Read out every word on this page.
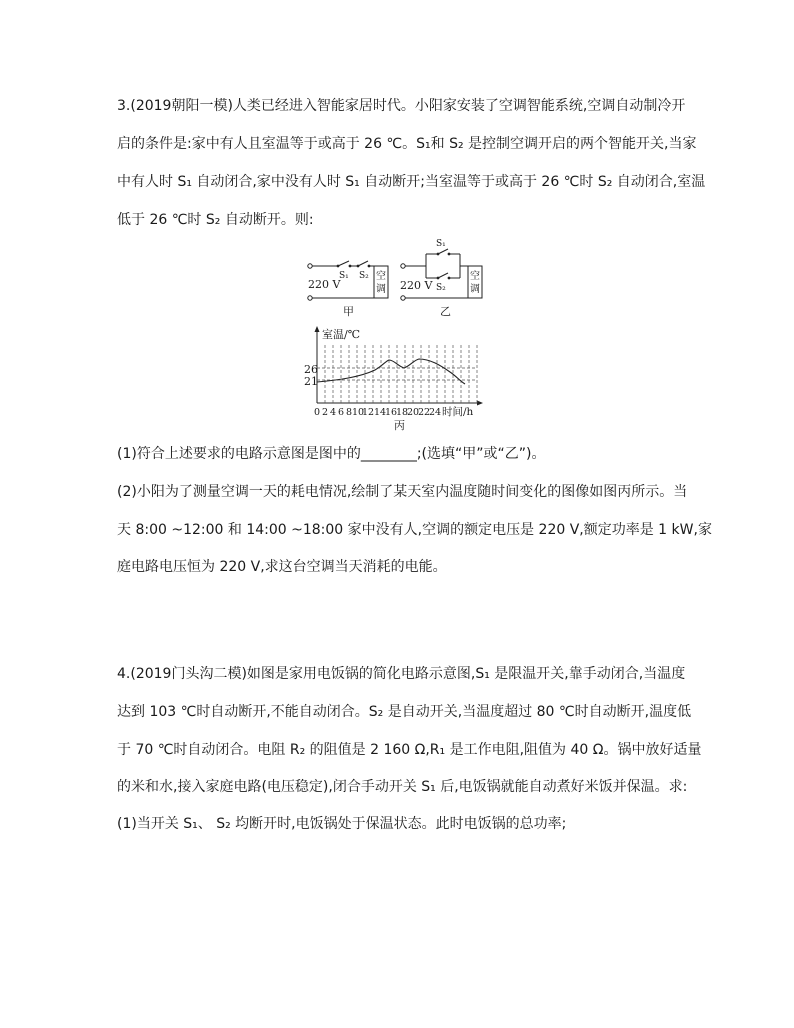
3.(2019朝阳一模)人类已经进入智能家居时代。小阳家安装了空调智能系统,空调自动制冷开
启的条件是:家中有人且室温等于或高于 26 ℃。S₁和 S₂ 是控制空调开启的两个智能开关,当家
中有人时 S₁ 自动闭合,家中没有人时 S₁ 自动断开;当室温等于或高于 26 ℃时 S₂ 自动闭合,室温
低于 26 ℃时 S₂ 自动断开。则:
S₁ S₂
220 V
空
调
甲
S₁
S₂
220 V
空
调
乙
室温/℃
26
21
0 2 4 6 8 10
12 14
16
18
20
22
24 时间/h
丙
(1)符合上述要求的电路示意图是图中的________;(选填“甲”或“乙”)。
(2)小阳为了测量空调一天的耗电情况,绘制了某天室内温度随时间变化的图像如图丙所示。当
天 8:00 ~12:00 和 14:00 ~18:00 家中没有人,空调的额定电压是 220 V,额定功率是 1 kW,家
庭电路电压恒为 220 V,求这台空调当天消耗的电能。
4.(2019门头沟二模)如图是家用电饭锅的简化电路示意图,S₁ 是限温开关,靠手动闭合,当温度
达到 103 ℃时自动断开,不能自动闭合。S₂ 是自动开关,当温度超过 80 ℃时自动断开,温度低
于 70 ℃时自动闭合。电阻 R₂ 的阻值是 2 160 Ω,R₁ 是工作电阻,阻值为 40 Ω。锅中放好适量
的米和水,接入家庭电路(电压稳定),闭合手动开关 S₁ 后,电饭锅就能自动煮好米饭并保温。求:
(1)当开关 S₁、 S₂ 均断开时,电饭锅处于保温状态。此时电饭锅的总功率;
